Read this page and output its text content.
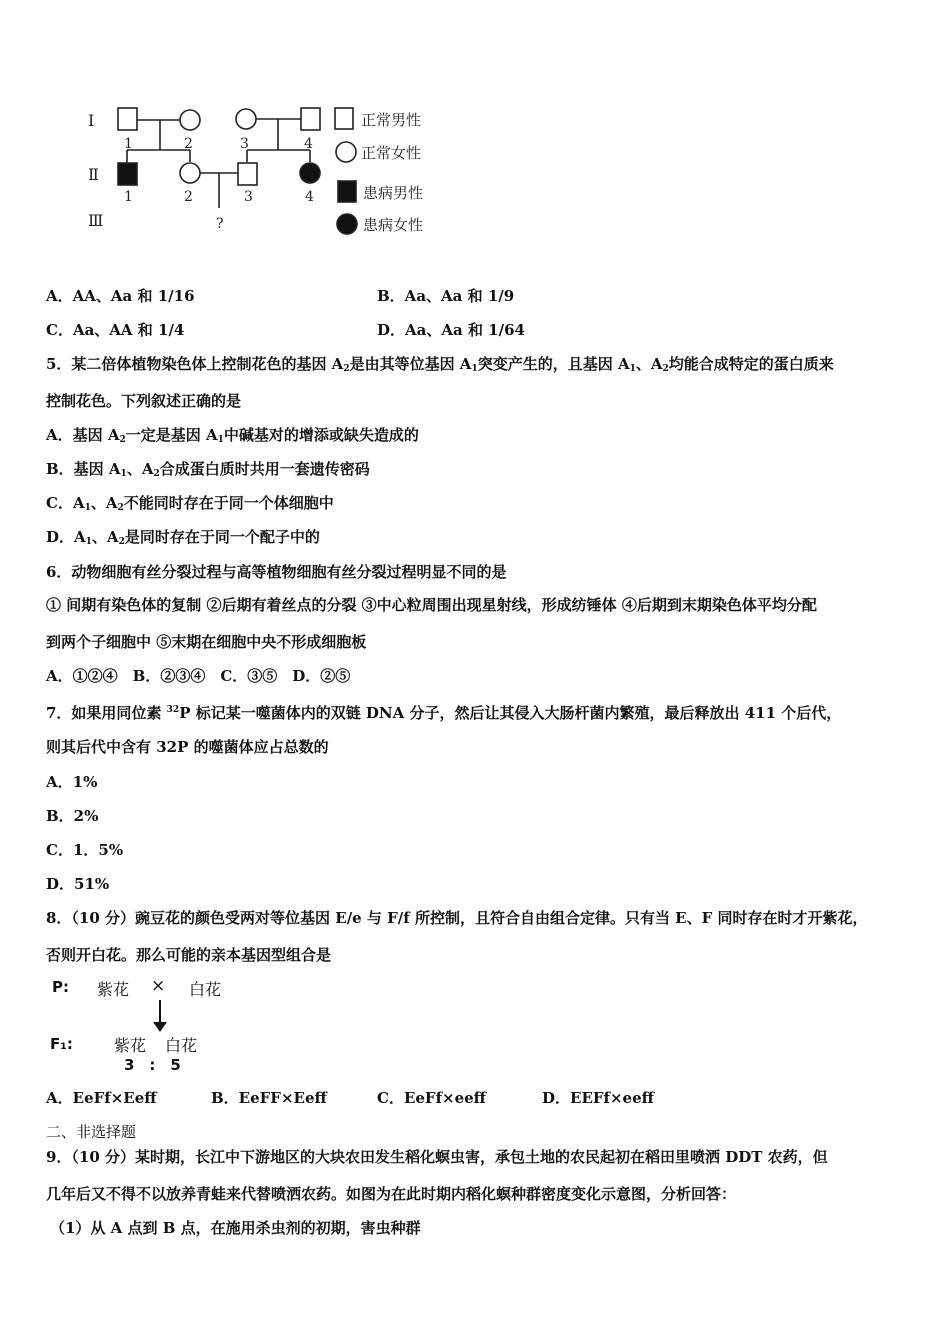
Ⅰ
Ⅱ
Ⅲ
1	2	3	4
1	2	3	4
?
正常男性
正常女性
患病男性
患病女性
A．AA、Aa 和 1/16	B．Aa、Aa 和 1/9
C．Aa、AA 和 1/4	D．Aa、Aa 和 1/64
5．某二倍体植物染色体上控制花色的基因 $A_2$是由其等位基因 $A_1$突变产生的，且基因 $A_1$、$A_2$均能合成特定的蛋白质来
控制花色。下列叙述正确的是
A．基因 $A_2$一定是基因 $A_1$中碱基对的增添或缺失造成的
B．基因 $A_1$、$A_2$合成蛋白质时共用一套遗传密码
C．$A_1$、$A_2$不能同时存在于同一个体细胞中
D．$A_1$、$A_2$是同时存在于同一个配子中的
6．动物细胞有丝分裂过程与高等植物细胞有丝分裂过程明显不同的是
① 间期有染色体的复制 ②后期有着丝点的分裂 ③中心粒周围出现星射线，形成纺锤体 ④后期到末期染色体平均分配
到两个子细胞中 ⑤末期在细胞中央不形成细胞板
A．①②④　B．②③④　C．③⑤　D．②⑤
7．如果用同位素 $^{32}$P 标记某一噬菌体内的双链 DNA 分子，然后让其侵入大肠杆菌内繁殖，最后释放出 411 个后代，
则其后代中含有 32P 的噬菌体应占总数的
A．1%
B．2%
C．1．5%
D．51%
8．（10 分）豌豆花的颜色受两对等位基因 E/e 与 F/f 所控制，且符合自由组合定律。只有当 E、F 同时存在时才开紫花，
否则开白花。那么可能的亲本基因型组合是
P: 紫花 × 白花
F₁:	紫花 白花
3　:　5
A．EeFf×Eeff	B．EeFF×Eeff	C．EeFf×eeff	D．EEFf×eeff
二、非选择题
9．（10 分）某时期，长江中下游地区的大块农田发生稻化螟虫害，承包土地的农民起初在稻田里喷洒 DDT 农药，但
几年后又不得不以放养青蛙来代替喷洒农药。如图为在此时期内稻化螟种群密度变化示意图，分析回答：
（1）从 A 点到 B 点，在施用杀虫剂的初期，害虫种群
